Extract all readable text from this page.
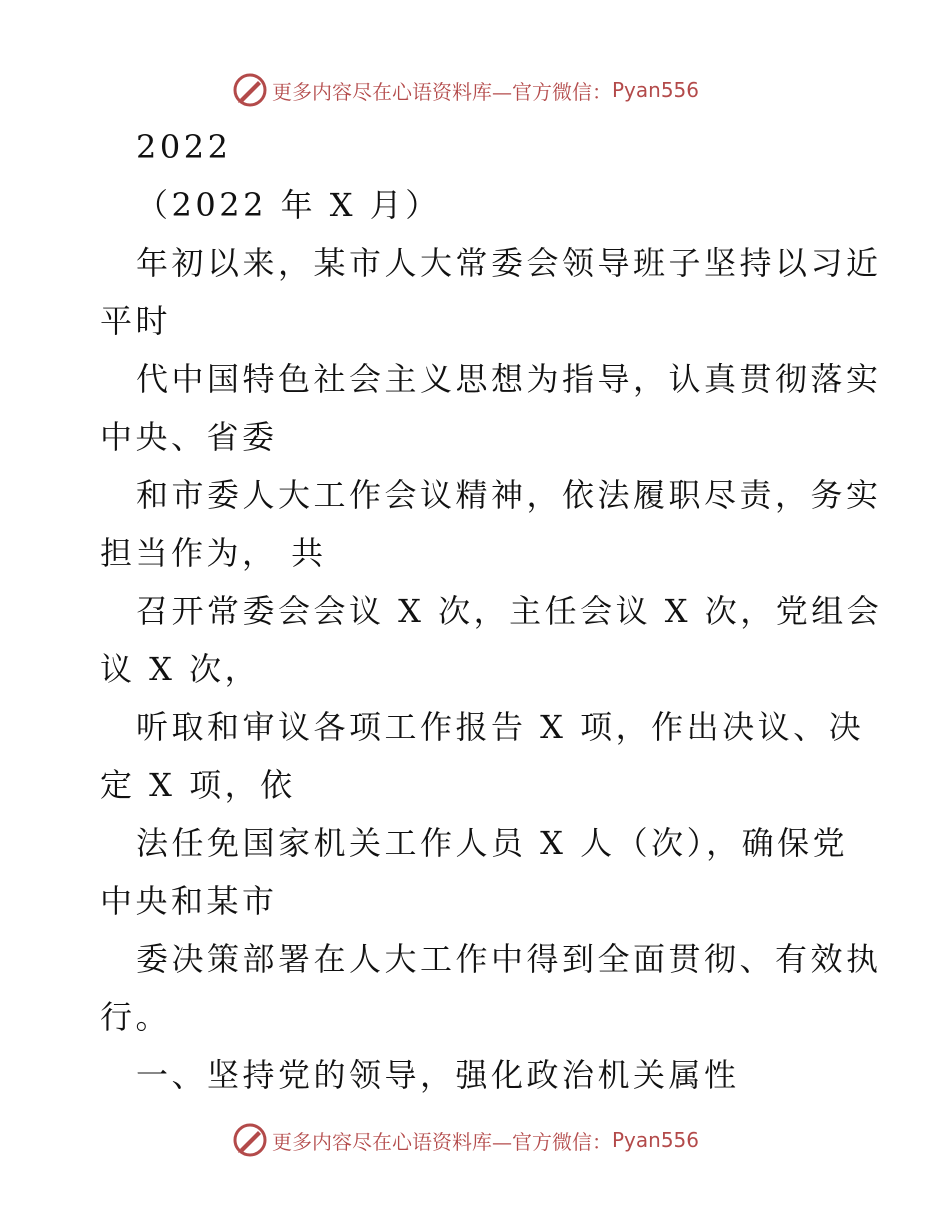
更多内容尽在心语资料库—官方微信： Pyan556
2022
（2022 年 X 月）
年初以来，某市人大常委会领导班子坚持以习近
平时
代中国特色社会主义思想为指导，认真贯彻落实
中央、省委
和市委人大工作会议精神，依法履职尽责，务实
担当作为， 共
召开常委会会议 X 次，主任会议 X 次，党组会
议 X 次，
听取和审议各项工作报告 X 项，作出决议、决
定 X 项，依
法任免国家机关工作人员 X 人（次），确保党
中央和某市
委决策部署在人大工作中得到全面贯彻、有效执
行。
一、坚持党的领导，强化政治机关属性
更多内容尽在心语资料库—官方微信： Pyan556
